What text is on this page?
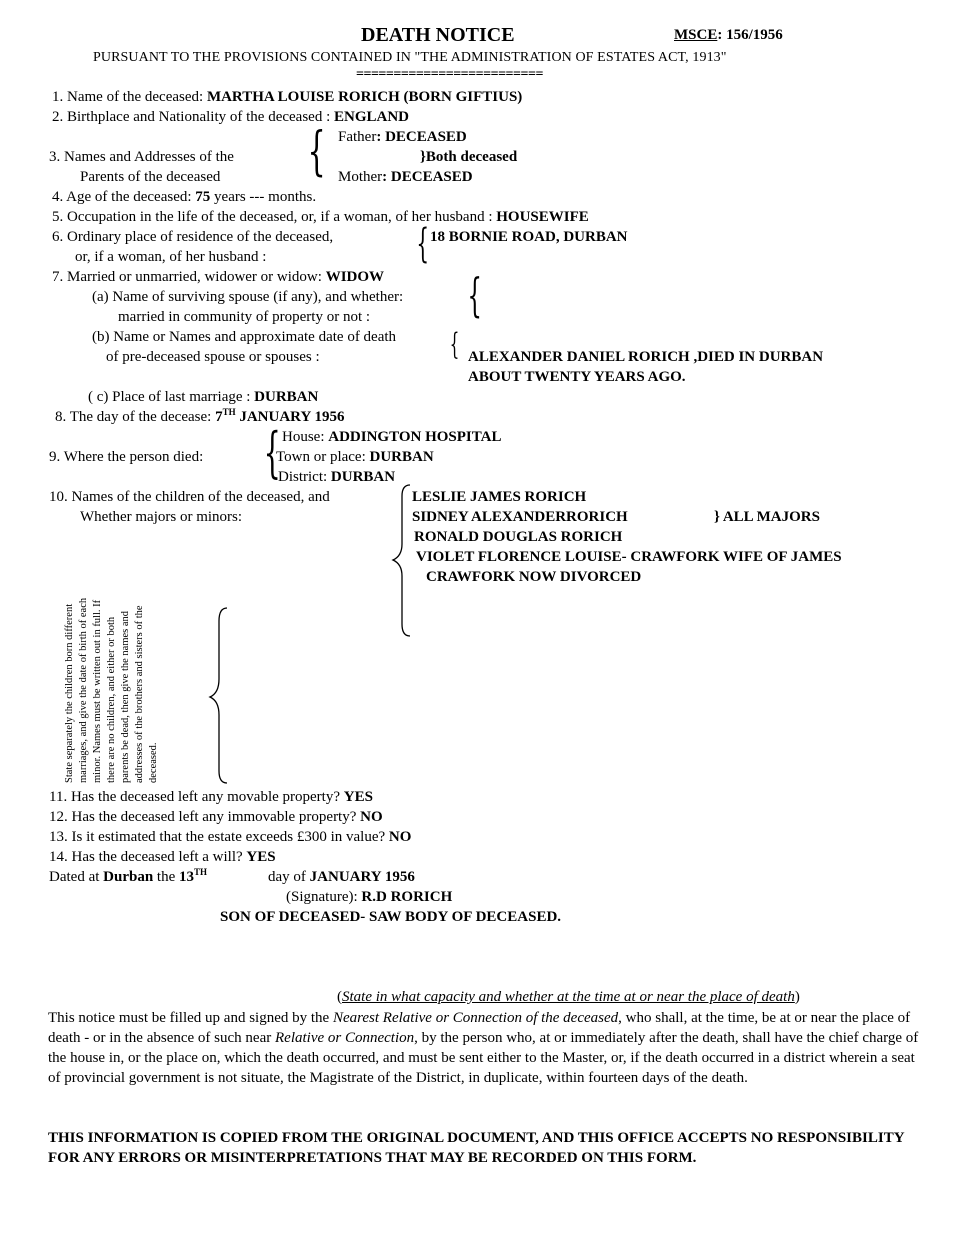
DEATH NOTICE	MSCE: 156/1956
PURSUANT TO THE PROVISIONS CONTAINED IN "THE ADMINISTRATION OF ESTATES ACT, 1913"
=========================
1. Name of the deceased: MARTHA LOUISE RORICH (BORN GIFTIUS)
2. Birthplace and Nationality of the deceased : ENGLAND
Father: DECEASED
3. Names and Addresses of the {	}Both deceased
Parents of the deceased	Mother: DECEASED
4. Age of the deceased: 75 years --- months.
5. Occupation in the life of the deceased, or, if a woman, of her husband : HOUSEWIFE
6. Ordinary place of residence of the deceased,
or, if a woman, of her husband :	{ 18 BORNIE ROAD, DURBAN
7. Married or unmarried, widower or widow: WIDOW
(a) Name of surviving spouse (if any), and whether: {
married in community of property or not :
(b) Name or Names and approximate date of death {
of pre-deceased spouse or spouses :	ALEXANDER DANIEL RORICH ,DIED IN DURBAN
ABOUT TWENTY YEARS AGO.
( c) Place of last marriage : DURBAN
8. The day of the decease: 7TH JANUARY 1956
House: ADDINGTON HOSPITAL
9. Where the person died: {
Town or place: DURBAN
District: DURBAN
10. Names of the children of the deceased, and
Whether majors or minors:
LESLIE JAMES RORICH
SIDNEY ALEXANDERRORICH	} ALL MAJORS
RONALD DOUGLAS RORICH
VIOLET FLORENCE LOUISE- CRAWFORK WIFE OF JAMES
CRAWFORK NOW DIVORCED
State separately the children born different marriages, and give the date of birth of each minor. Names must be written out in full. If there are no children, and either or both parents be dead, then give the names and addresses of the brothers and sisters of the deceased.
11. Has the deceased left any movable property? YES
12. Has the deceased left any immovable property? NO
13. Is it estimated that the estate exceeds £300 in value? NO
14. Has the deceased left a will? YES
Dated at Durban the 13TH	day of JANUARY 1956
(Signature): R.D RORICH
SON OF DECEASED- SAW BODY OF DECEASED.
(State in what capacity and whether at the time at or near the place of death)
This notice must be filled up and signed by the Nearest Relative or Connection of the deceased, who shall, at the time, be at or near the place of death - or in the absence of such near Relative or Connection, by the person who, at or immediately after the death, shall have the chief charge of the house in, or the place on, which the death occurred, and must be sent either to the Master, or, if the death occurred in a district wherein a seat of provincial government is not situate, the Magistrate of the District, in duplicate, within fourteen days of the death.
THIS INFORMATION IS COPIED FROM THE ORIGINAL DOCUMENT, AND THIS OFFICE ACCEPTS NO RESPONSIBILITY FOR ANY ERRORS OR MISINTERPRETATIONS THAT MAY BE RECORDED ON THIS FORM.
